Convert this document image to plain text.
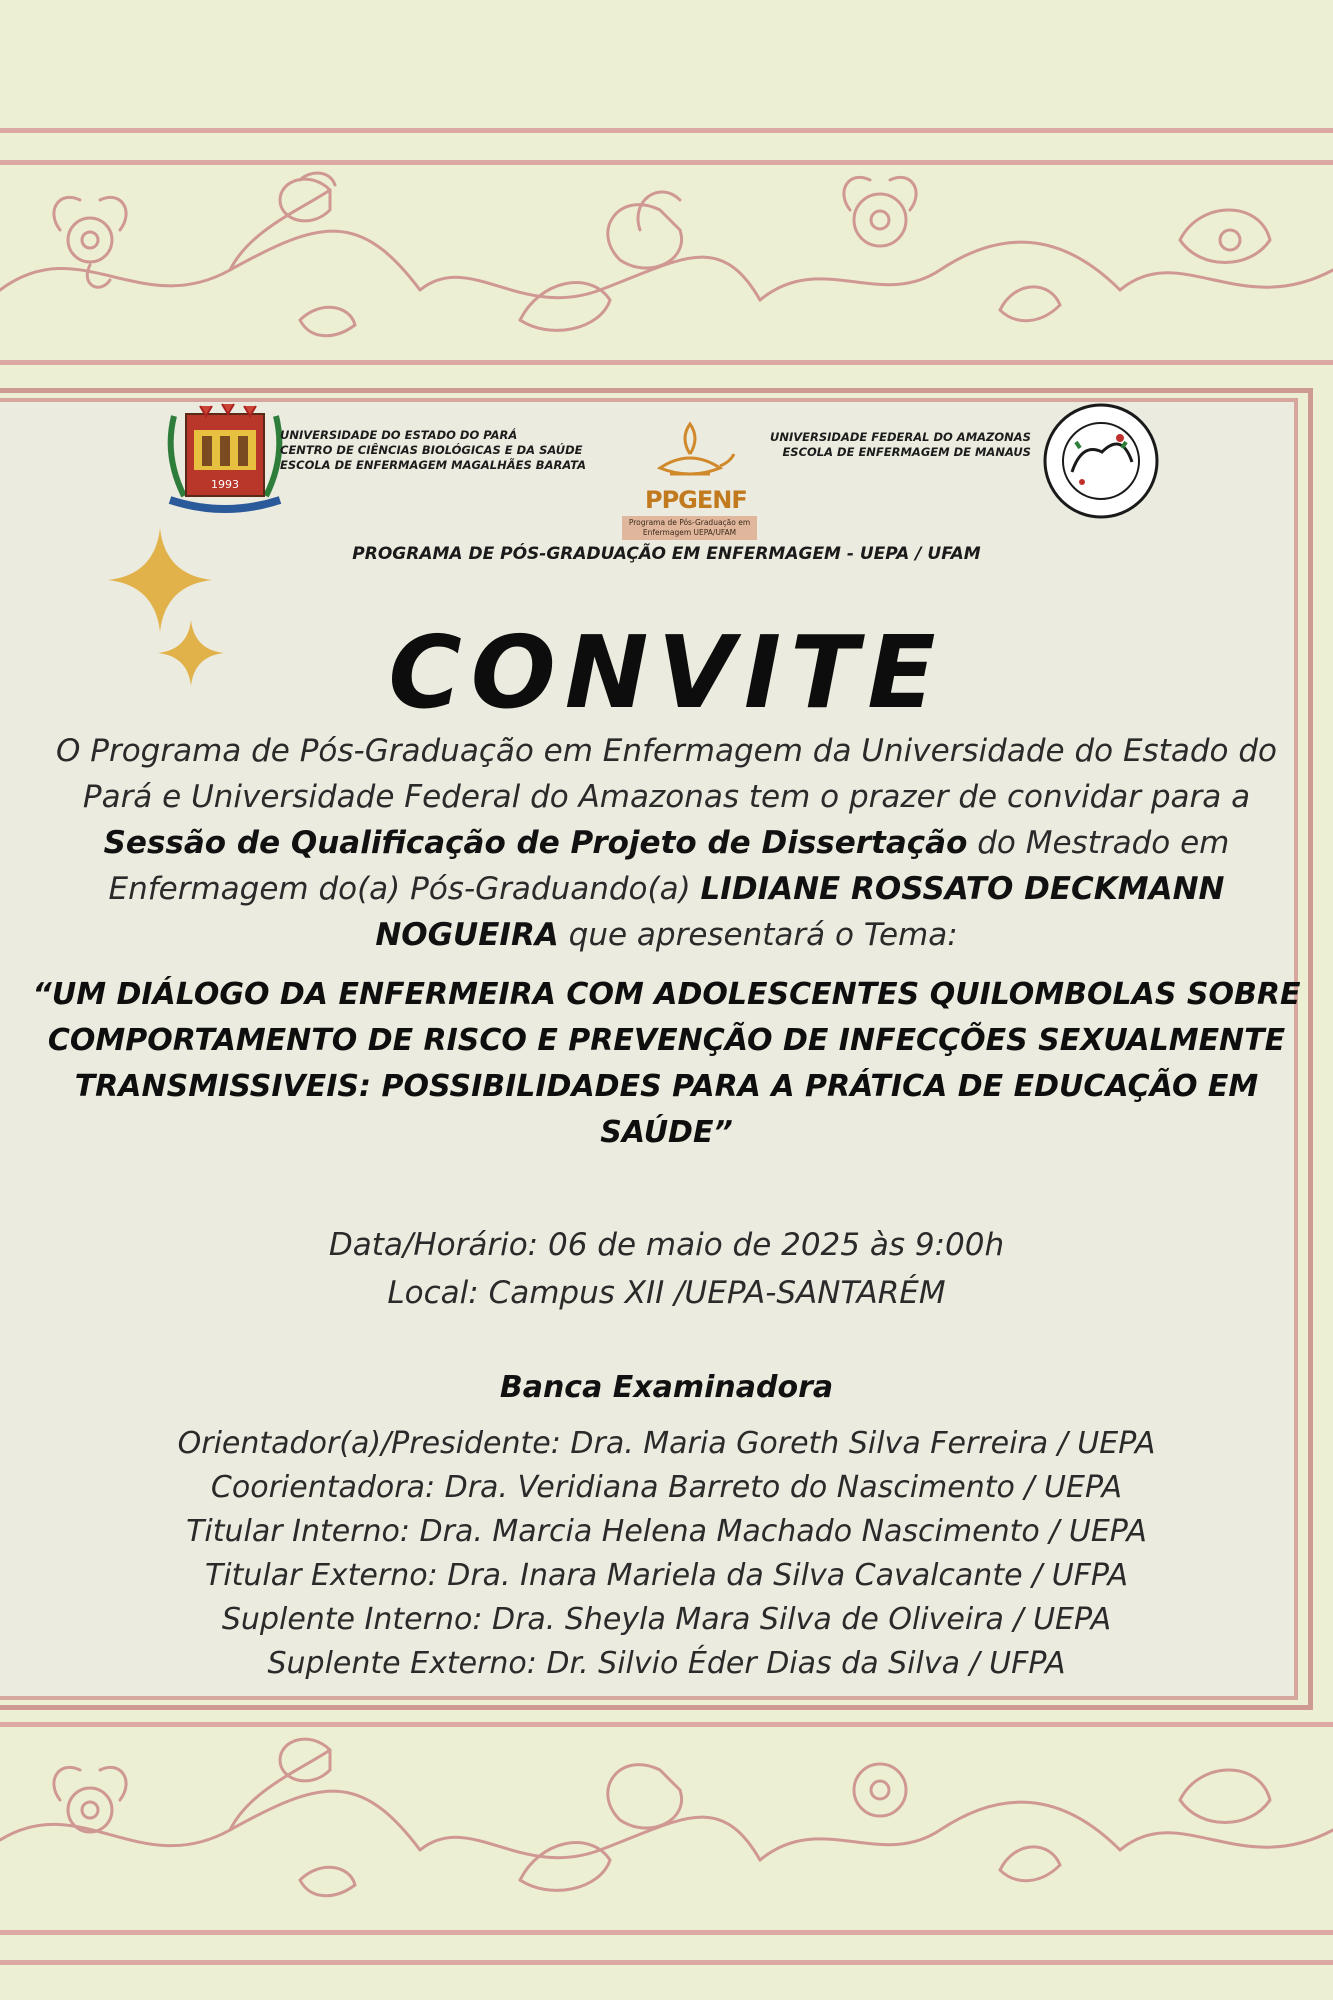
1993
UNIVERSIDADE DO ESTADO DO PARÁ
CENTRO DE CIÊNCIAS BIOLÓGICAS E DA SAÚDE
ESCOLA DE ENFERMAGEM MAGALHÃES BARATA
PPGENF
Programa de Pós-Graduação em Enfermagem UEPA/UFAM
UNIVERSIDADE FEDERAL DO AMAZONAS
ESCOLA DE ENFERMAGEM DE MANAUS
PROGRAMA DE PÓS-GRADUAÇÃO EM ENFERMAGEM - UEPA / UFAM
CONVITE
O Programa de Pós-Graduação em Enfermagem da Universidade do Estado do Pará e Universidade Federal do Amazonas tem o prazer de convidar para a Sessão de Qualificação de Projeto de Dissertação do Mestrado em Enfermagem do(a) Pós-Graduando(a) LIDIANE ROSSATO DECKMANN NOGUEIRA que apresentará o Tema:
“UM DIÁLOGO DA ENFERMEIRA COM ADOLESCENTES QUILOMBOLAS SOBRE COMPORTAMENTO DE RISCO E PREVENÇÃO DE INFECÇÕES SEXUALMENTE TRANSMISSIVEIS: POSSIBILIDADES PARA A PRÁTICA DE EDUCAÇÃO EM SAÚDE”
Data/Horário: 06 de maio de 2025 às 9:00h
Local: Campus XII /UEPA-SANTARÉM
Banca Examinadora
Orientador(a)/Presidente: Dra. Maria Goreth Silva Ferreira / UEPA
Coorientadora: Dra. Veridiana Barreto do Nascimento / UEPA
Titular Interno: Dra. Marcia Helena Machado Nascimento / UEPA
Titular Externo: Dra. Inara Mariela da Silva Cavalcante / UFPA
Suplente Interno: Dra. Sheyla Mara Silva de Oliveira / UEPA
Suplente Externo: Dr. Silvio Éder Dias da Silva / UFPA
